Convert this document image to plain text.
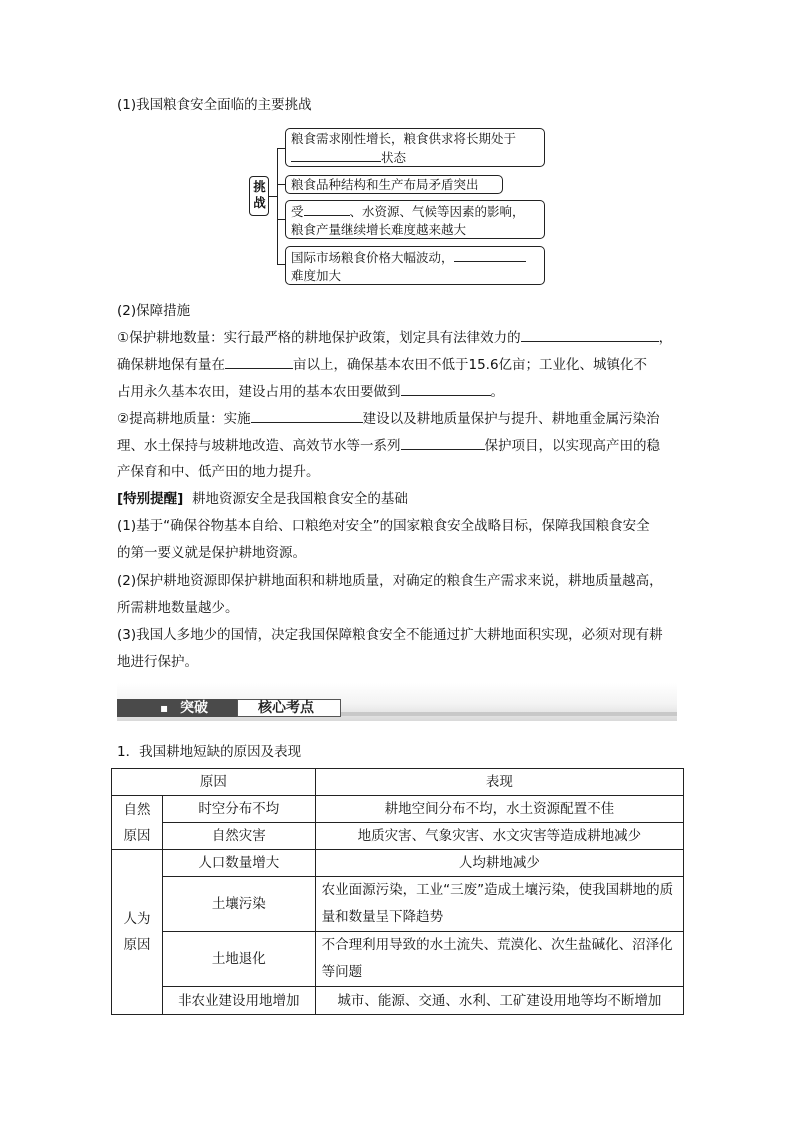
(1)我国粮食安全面临的主要挑战
挑战
粮食需求刚性增长，粮食供求将长期处于
状态
粮食品种结构和生产布局矛盾突出
受	、水资源、气候等因素的影响，
粮食产量继续增长难度越来越大
国际市场粮食价格大幅波动，
难度加大
(2)保障措施
①保护耕地数量：实行最严格的耕地保护政策，划定具有法律效力的	，
确保耕地保有量在	亩以上，确保基本农田不低于15.6亿亩；工业化、城镇化不
占用永久基本农田，建设占用的基本农田要做到	。
②提高耕地质量：实施	建设以及耕地质量保护与提升、耕地重金属污染治
理、水土保持与坡耕地改造、高效节水等一系列	保护项目，以实现高产田的稳
产保育和中、低产田的地力提升。
[特别提醒] 耕地资源安全是我国粮食安全的基础
(1)基于“确保谷物基本自给、口粮绝对安全”的国家粮食安全战略目标，保障我国粮食安全
的第一要义就是保护耕地资源。
(2)保护耕地资源即保护耕地面积和耕地质量，对确定的粮食生产需求来说，耕地质量越高，
所需耕地数量越少。
(3)我国人多地少的国情，决定我国保障粮食安全不能通过扩大耕地面积实现，必须对现有耕
地进行保护。
▪ 突破	核心考点
1．我国耕地短缺的原因及表现
原因		表现
自然原因	时空分布不均	耕地空间分布不均，水土资源配置不佳
	自然灾害	地质灾害、气象灾害、水文灾害等造成耕地减少
人为原因	人口数量增大	人均耕地减少
	土壤污染	农业面源污染，工业“三废”造成土壤污染，使我国耕地的质量和数量呈下降趋势
	土地退化	不合理利用导致的水土流失、荒漠化、次生盐碱化、沼泽化等问题
	非农业建设用地增加	城市、能源、交通、水利、工矿建设用地等均不断增加
